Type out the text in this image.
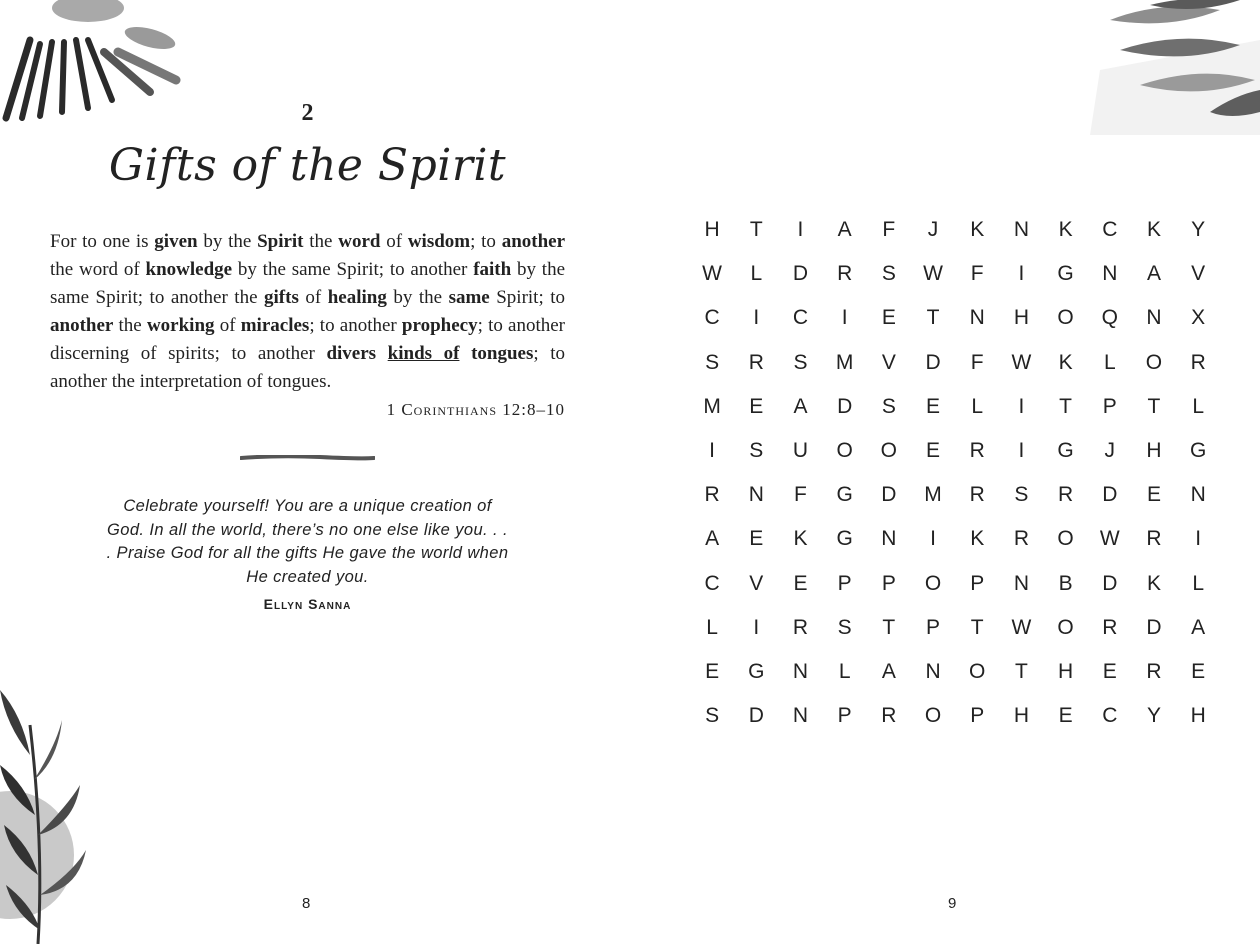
2
Gifts of the Spirit
For to one is given by the Spirit the word of wisdom; to another the word of knowledge by the same Spirit; to another faith by the same Spirit; to another the gifts of healing by the same Spirit; to another the working of miracles; to another prophecy; to another discerning of spirits; to another divers kinds of tongues; to another the interpretation of tongues.
1 Corinthians 12:8–10
Celebrate yourself! You are a unique creation of God. In all the world, there’s no one else like you. . . . Praise God for all the gifts He gave the world when He created you.
Ellyn Sanna
8
H	T	I	A	F	J	K	N	K	C	K	Y
W	L	D	R	S	W	F	I	G	N	A	V
C	I	C	I	E	T	N	H	O	Q	N	X
S	R	S	M	V	D	F	W	K	L	O	R
M	E	A	D	S	E	L	I	T	P	T	L
I	S	U	O	O	E	R	I	G	J	H	G
R	N	F	G	D	M	R	S	R	D	E	N
A	E	K	G	N	I	K	R	O	W	R	I
C	V	E	P	P	O	P	N	B	D	K	L
L	I	R	S	T	P	T	W	O	R	D	A
E	G	N	L	A	N	O	T	H	E	R	E
S	D	N	P	R	O	P	H	E	C	Y	H
9
